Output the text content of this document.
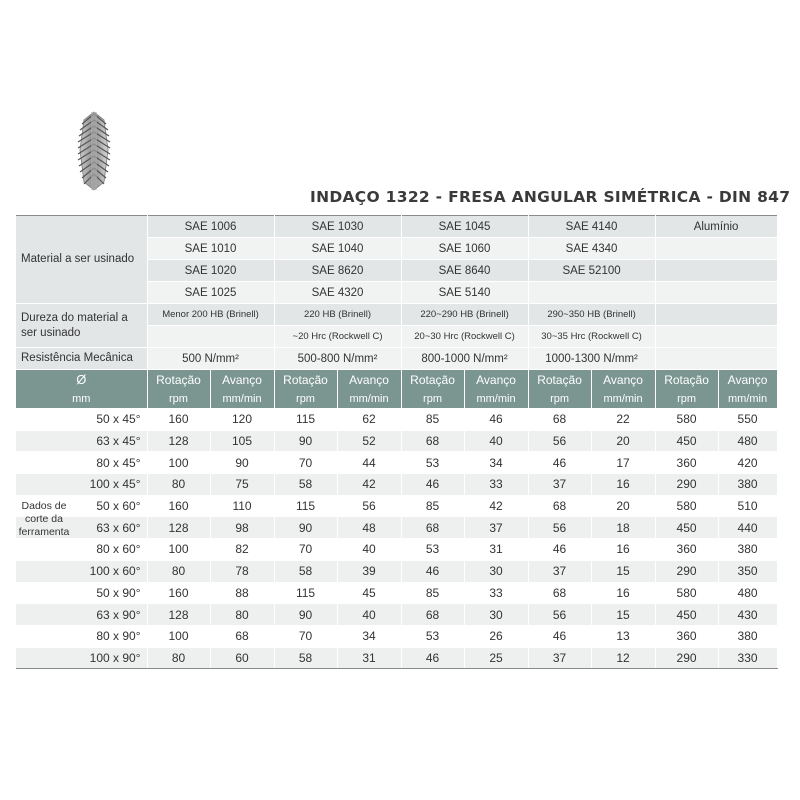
INDAÇO 1322 - FRESA ANGULAR SIMÉTRICA - DIN 847
Material a ser usinado	SAE 1006		SAE 1030		SAE 1045		SAE 4140		Alumínio	
	SAE 1010		SAE 1040		SAE 1060		SAE 4340			
	SAE 1020		SAE 8620		SAE 8640		SAE 52100			
	SAE 1025		SAE 4320		SAE 5140					
Dureza do material a ser usinado	Menor 200 HB (Brinell)		220 HB (Brinell)		220~290 HB (Brinell)		290~350 HB (Brinell)			
			~20 Hrc (Rockwell C)		20~30 Hrc (Rockwell C)		30~35 Hrc (Rockwell C)			
Resistência Mecânica	500 N/mm²		500-800 N/mm²		800-1000 N/mm²		1000-1300 N/mm²			
Ø	Rotação	Avanço	Rotação	Avanço	Rotação	Avanço	Rotação	Avanço	Rotação	Avanço
mm	rpm	mm/min	rpm	mm/min	rpm	mm/min	rpm	mm/min	rpm	mm/min
50 x 45°	160	120	115	62	85	46	68	22	580	550
63 x 45°	128	105	90	52	68	40	56	20	450	480
80 x 45°	100	90	70	44	53	34	46	17	360	420
100 x 45°	80	75	58	42	46	33	37	16	290	380
50 x 60°	160	110	115	56	85	42	68	20	580	510
63 x 60°	128	98	90	48	68	37	56	18	450	440
80 x 60°	100	82	70	40	53	31	46	16	360	380
100 x 60°	80	78	58	39	46	30	37	15	290	350
50 x 90°	160	88	115	45	85	33	68	16	580	480
63 x 90°	128	80	90	40	68	30	56	15	450	430
80 x 90°	100	68	70	34	53	26	46	13	360	380
100 x 90°	80	60	58	31	46	25	37	12	290	330
Dados de corte da ferramenta
